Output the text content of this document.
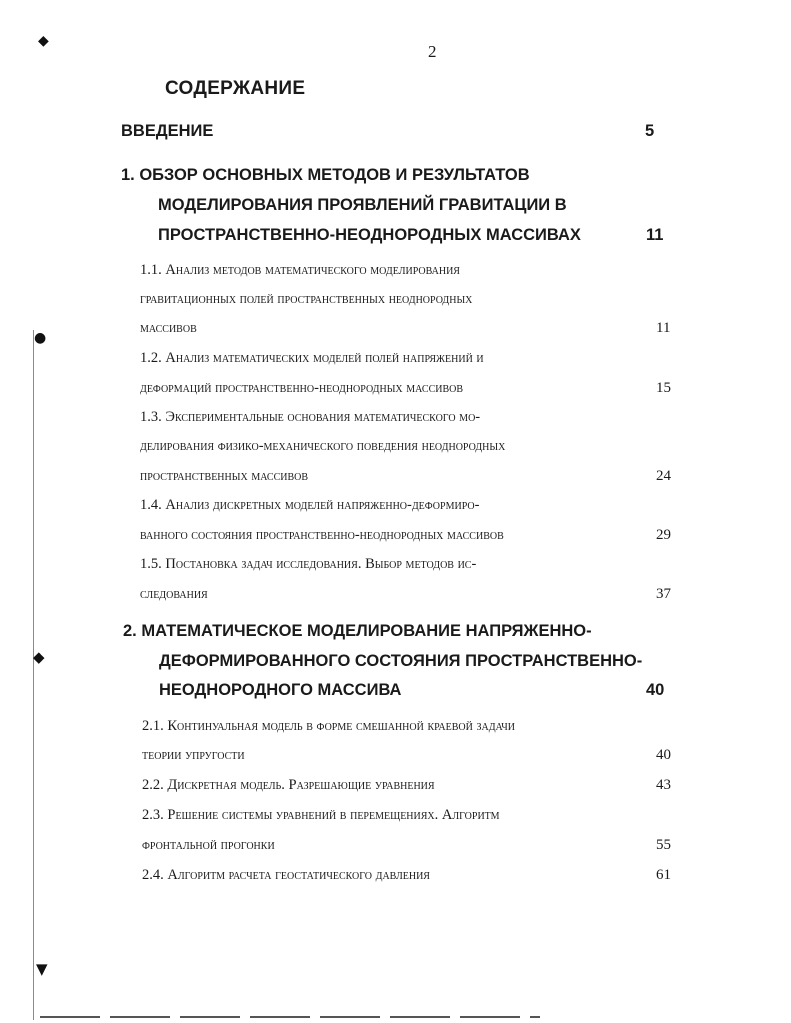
◆
●
◆
▼
2
СОДЕРЖАНИЕ
ВВЕДЕНИЕ	5
1. ОБЗОР ОСНОВНЫХ МЕТОДОВ И РЕЗУЛЬТАТОВ
МОДЕЛИРОВАНИЯ ПРОЯВЛЕНИЙ ГРАВИТАЦИИ В
ПРОСТРАНСТВЕННО-НЕОДНОРОДНЫХ МАССИВАХ	11
1.1. Анализ методов математического моделирования
гравитационных полей пространственных неоднородных
массивов	11
1.2. Анализ математических моделей полей напряжений и
деформаций пространственно-неоднородных массивов	15
1.3. Экспериментальные основания математического мо-
делирования физико-механического поведения неоднородных
пространственных массивов	24
1.4. Анализ дискретных моделей напряженно-деформиро-
ванного состояния пространственно-неоднородных массивов	29
1.5. Постановка задач исследования. Выбор методов ис-
следования	37
2. МАТЕМАТИЧЕСКОЕ МОДЕЛИРОВАНИЕ НАПРЯЖЕННО-
ДЕФОРМИРОВАННОГО СОСТОЯНИЯ ПРОСТРАНСТВЕННО-
НЕОДНОРОДНОГО МАССИВА	40
2.1. Континуальная модель в форме смешанной краевой задачи
теории упругости	40
2.2. Дискретная модель. Разрешающие уравнения	43
2.3. Решение системы уравнений в перемещениях. Алгоритм
фронтальной прогонки	55
2.4. Алгоритм расчета геостатического давления	61
